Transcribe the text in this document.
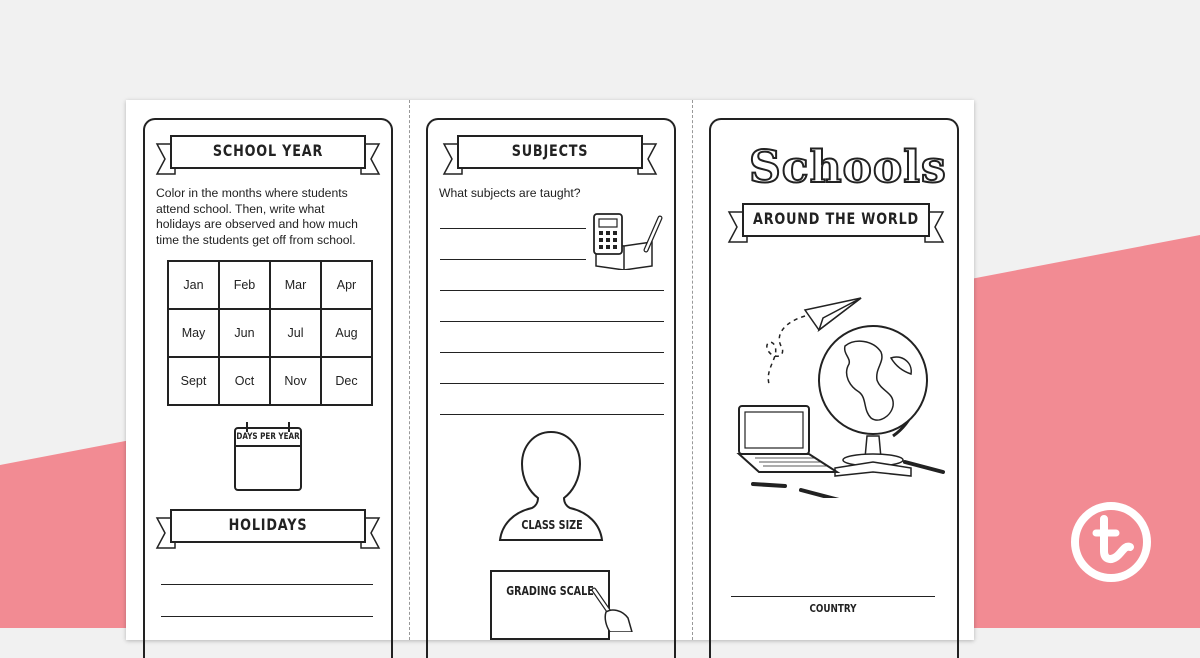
SCHOOL YEAR
Color in the months where students attend school. Then, write what holidays are observed and how much time the students get off from school.
Jan	Feb	Mar	Apr
May	Jun	Jul	Aug
Sept	Oct	Nov	Dec
DAYS PER YEAR
HOLIDAYS
SUBJECTS
What subjects are taught?
CLASS SIZE
GRADING SCALE
Schools
AROUND THE WORLD
COUNTRY
